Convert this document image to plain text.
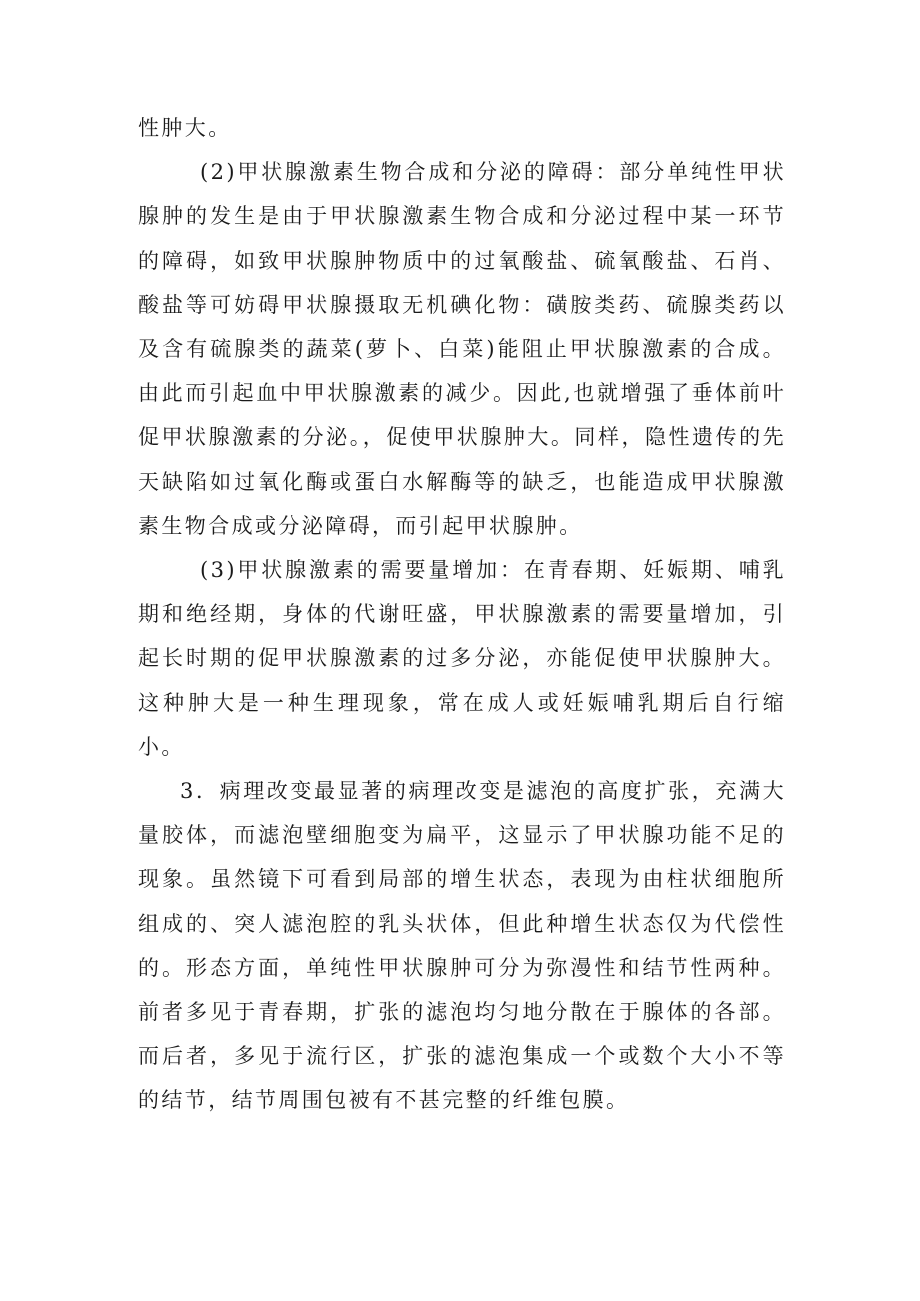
性肿大。

(2)甲状腺激素生物合成和分泌的障碍：部分单纯性甲状腺肿的发生是由于甲状腺激素生物合成和分泌过程中某一环节的障碍，如致甲状腺肿物质中的过氧酸盐、硫氧酸盐、石肖、酸盐等可妨碍甲状腺摄取无机碘化物：磺胺类药、硫腺类药以及含有硫腺类的蔬菜(萝卜、白菜)能阻止甲状腺激素的合成。由此而引起血中甲状腺激素的减少。因此,也就增强了垂体前叶促甲状腺激素的分泌。，促使甲状腺肿大。同样，隐性遗传的先天缺陷如过氧化酶或蛋白水解酶等的缺乏，也能造成甲状腺激素生物合成或分泌障碍，而引起甲状腺肿。

(3)甲状腺激素的需要量增加：在青春期、妊娠期、哺乳期和绝经期，身体的代谢旺盛，甲状腺激素的需要量增加，引起长时期的促甲状腺激素的过多分泌，亦能促使甲状腺肿大。这种肿大是一种生理现象，常在成人或妊娠哺乳期后自行缩小。

3．病理改变最显著的病理改变是滤泡的高度扩张，充满大量胶体，而滤泡壁细胞变为扁平，这显示了甲状腺功能不足的现象。虽然镜下可看到局部的增生状态，表现为由柱状细胞所组成的、突人滤泡腔的乳头状体，但此种增生状态仅为代偿性的。形态方面，单纯性甲状腺肿可分为弥漫性和结节性两种。前者多见于青春期，扩张的滤泡均匀地分散在于腺体的各部。而后者，多见于流行区，扩张的滤泡集成一个或数个大小不等的结节，结节周围包被有不甚完整的纤维包膜。
